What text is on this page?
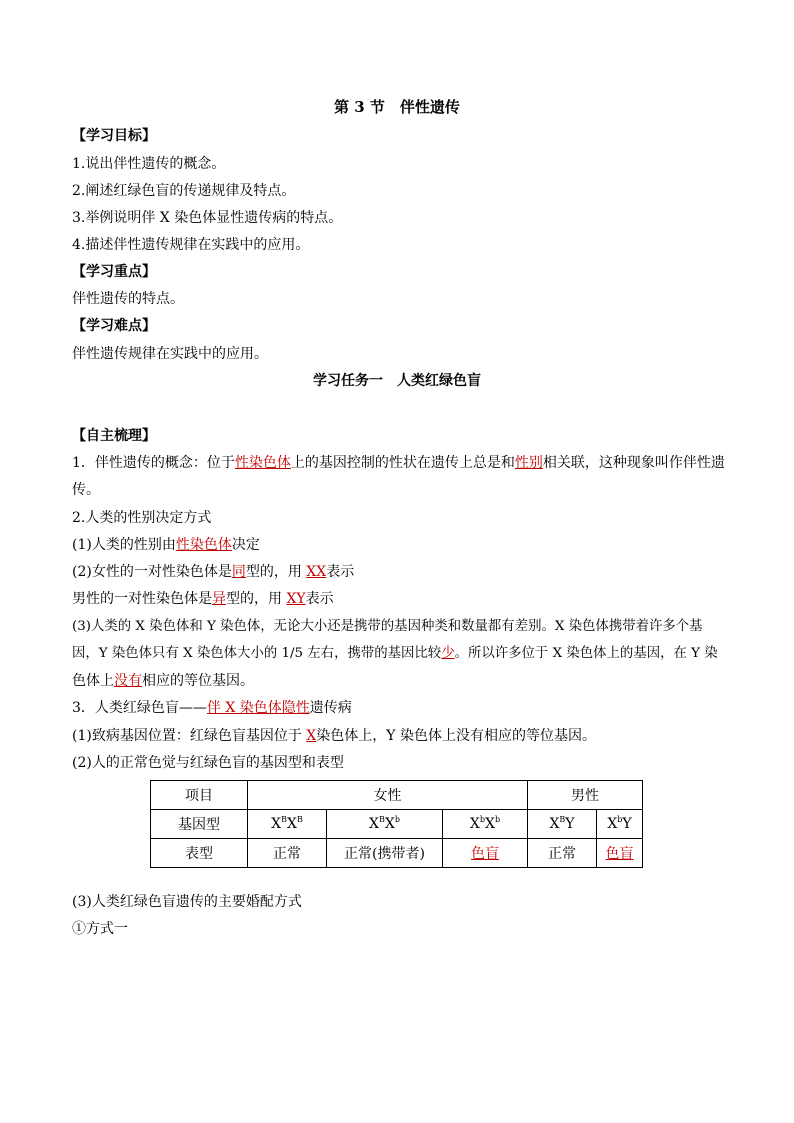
第 3 节　伴性遗传
【学习目标】
1.说出伴性遗传的概念。
2.阐述红绿色盲的传递规律及特点。
3.举例说明伴 X 染色体显性遗传病的特点。
4.描述伴性遗传规律在实践中的应用。
【学习重点】
伴性遗传的特点。
【学习难点】
伴性遗传规律在实践中的应用。
学习任务一　人类红绿色盲
【自主梳理】
1．伴性遗传的概念：位于性染色体上的基因控制的性状在遗传上总是和性别相关联，这种现象叫作伴性遗
传。
2.人类的性别决定方式
(1)人类的性别由性染色体决定
(2)女性的一对性染色体是同型的，用 XX表示
男性的一对性染色体是异型的，用 XY表示
(3)人类的 X 染色体和 Y 染色体，无论大小还是携带的基因种类和数量都有差别。X 染色体携带着许多个基
因，Y 染色体只有 X 染色体大小的 1/5 左右，携带的基因比较少。所以许多位于 X 染色体上的基因，在 Y 染
色体上没有相应的等位基因。
3．人类红绿色盲——伴 X 染色体隐性遗传病
(1)致病基因位置：红绿色盲基因位于 X染色体上，Y 染色体上没有相应的等位基因。
(2)人的正常色觉与红绿色盲的基因型和表型
项目	女性			男性	
基因型	$X^BX^B$	$X^BX^b$	$X^bX^b$	$X^BY$	$X^bY$
表型	正常	正常(携带者)	色盲	正常	色盲
(3)人类红绿色盲遗传的主要婚配方式
①方式一
